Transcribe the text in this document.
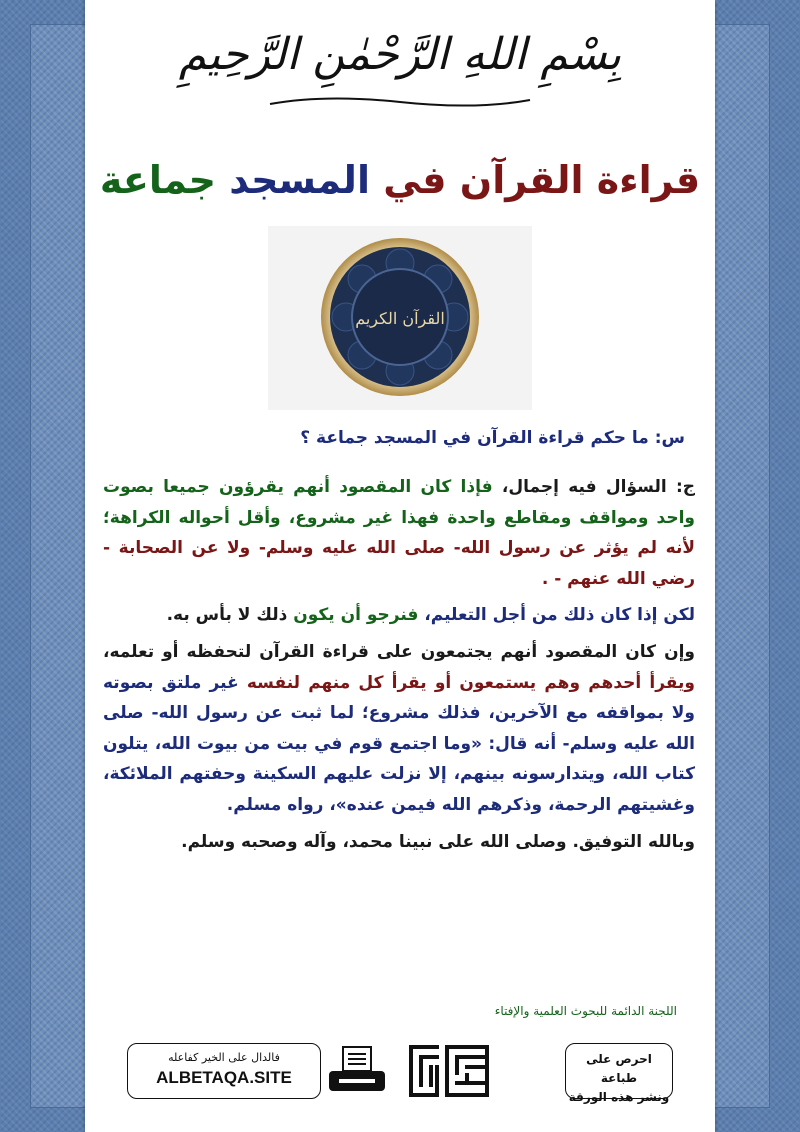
بِسْمِ اللهِ الرَّحْمٰنِ الرَّحِيمِ
قراءة القرآن في المسجد جماعة
القرآن الكريم
س: ما حكم قراءة القرآن في المسجد جماعة ؟

ج: السؤال فيه إجمال، فإذا كان المقصود أنهم يقرؤون جميعا بصوت واحد ومواقف ومقاطع واحدة فهذا غير مشروع، وأقل أحواله الكراهة؛ لأنه لم يؤثر عن رسول الله- صلى الله عليه وسلم- ولا عن الصحابة - رضي الله عنهم - .

لكن إذا كان ذلك من أجل التعليم، فنرجو أن يكون ذلك لا بأس به.

وإن كان المقصود أنهم يجتمعون على قراءة القرآن لتحفظه أو تعلمه، ويقرأ أحدهم وهم يستمعون أو يقرأ كل منهم لنفسه غير ملتق بصوته ولا بمواقفه مع الآخرين، فذلك مشروع؛ لما ثبت عن رسول الله- صلى الله عليه وسلم- أنه قال: «وما اجتمع قوم في بيت من بيوت الله، يتلون كتاب الله، ويتدارسونه بينهم، إلا نزلت عليهم السكينة وحفتهم الملائكة، وغشيتهم الرحمة، وذكرهم الله فيمن عنده»، رواه مسلم.

وبالله التوفيق. وصلى الله على نبينا محمد، وآله وصحبه وسلم.

اللجنة الدائمة للبحوث العلمية والإفتاء
فالدال على الخير كفاعله
ALBETAQA.SITE
احرص على طباعة
ونشر هذه الورقة
